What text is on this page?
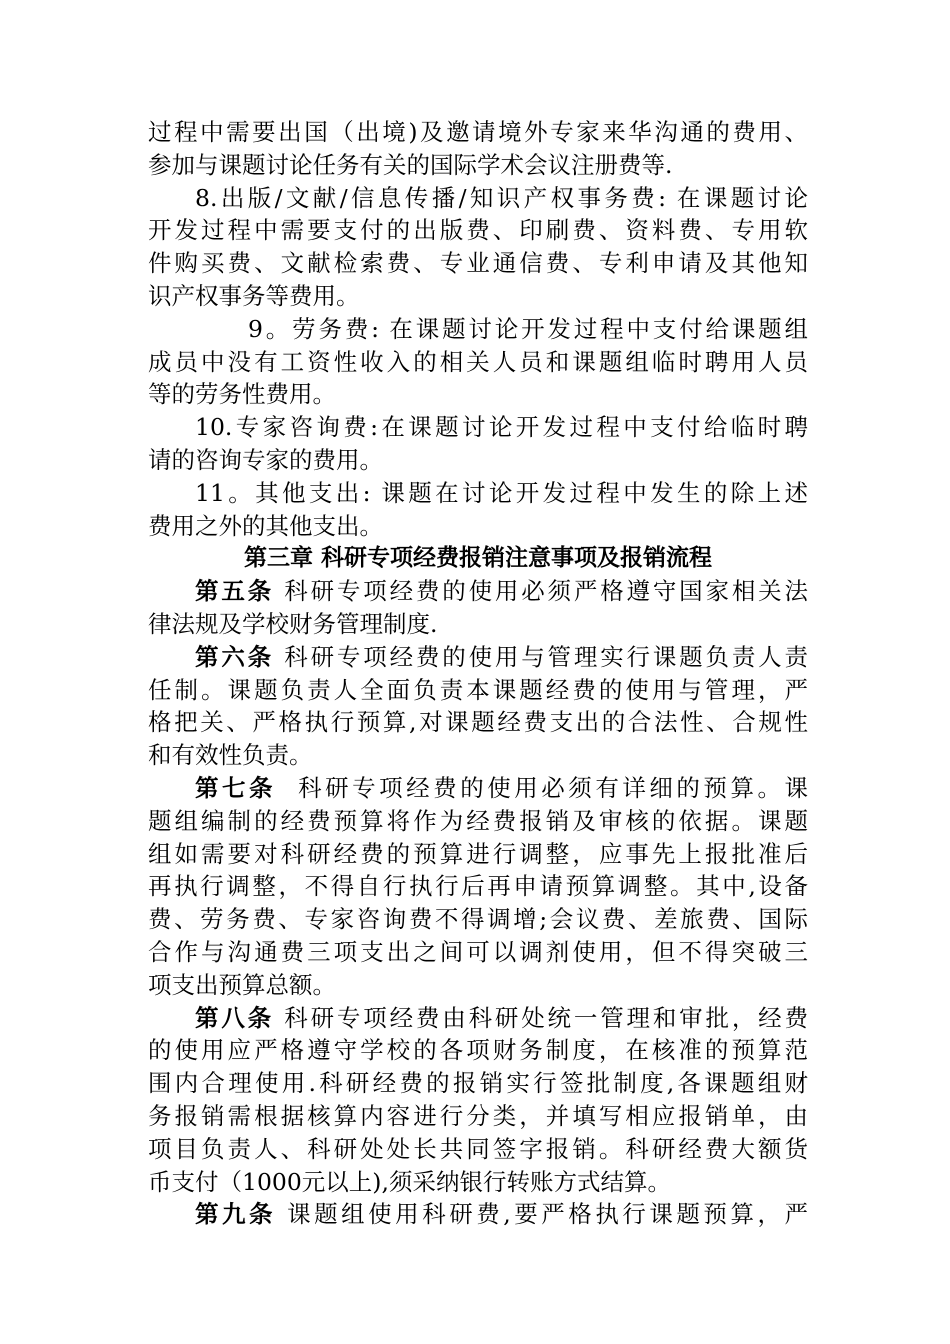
过程中需要出国（出境)及邀请境外专家来华沟通的费用、
参加与课题讨论任务有关的国际学术会议注册费等.
8.出版/文献/信息传播/知识产权事务费: 在课题讨论
开发过程中需要支付的出版费、印刷费、资料费、专用软
件购买费、文献检索费、专业通信费、专利申请及其他知
识产权事务等费用。
9。劳务费: 在课题讨论开发过程中支付给课题组
成员中没有工资性收入的相关人员和课题组临时聘用人员
等的劳务性费用。
10.专家咨询费:在课题讨论开发过程中支付给临时聘
请的咨询专家的费用。
11。其他支出: 课题在讨论开发过程中发生的除上述
费用之外的其他支出。
第三章 科研专项经费报销注意事项及报销流程
第五条 科研专项经费的使用必须严格遵守国家相关法
律法规及学校财务管理制度.
第六条 科研专项经费的使用与管理实行课题负责人责
任制。课题负责人全面负责本课题经费的使用与管理，严
格把关、严格执行预算,对课题经费支出的合法性、合规性
和有效性负责。
第七条  科研专项经费的使用必须有详细的预算。课
题组编制的经费预算将作为经费报销及审核的依据。课题
组如需要对科研经费的预算进行调整，应事先上报批准后
再执行调整，不得自行执行后再申请预算调整。其中,设备
费、劳务费、专家咨询费不得调增;会议费、差旅费、国际
合作与沟通费三项支出之间可以调剂使用，但不得突破三
项支出预算总额。
第八条 科研专项经费由科研处统一管理和审批，经费
的使用应严格遵守学校的各项财务制度，在核准的预算范
围内合理使用.科研经费的报销实行签批制度,各课题组财
务报销需根据核算内容进行分类，并填写相应报销单，由
项目负责人、科研处处长共同签字报销。科研经费大额货
币支付（1000元以上),须采纳银行转账方式结算。
第九条 课题组使用科研费,要严格执行课题预算，严
